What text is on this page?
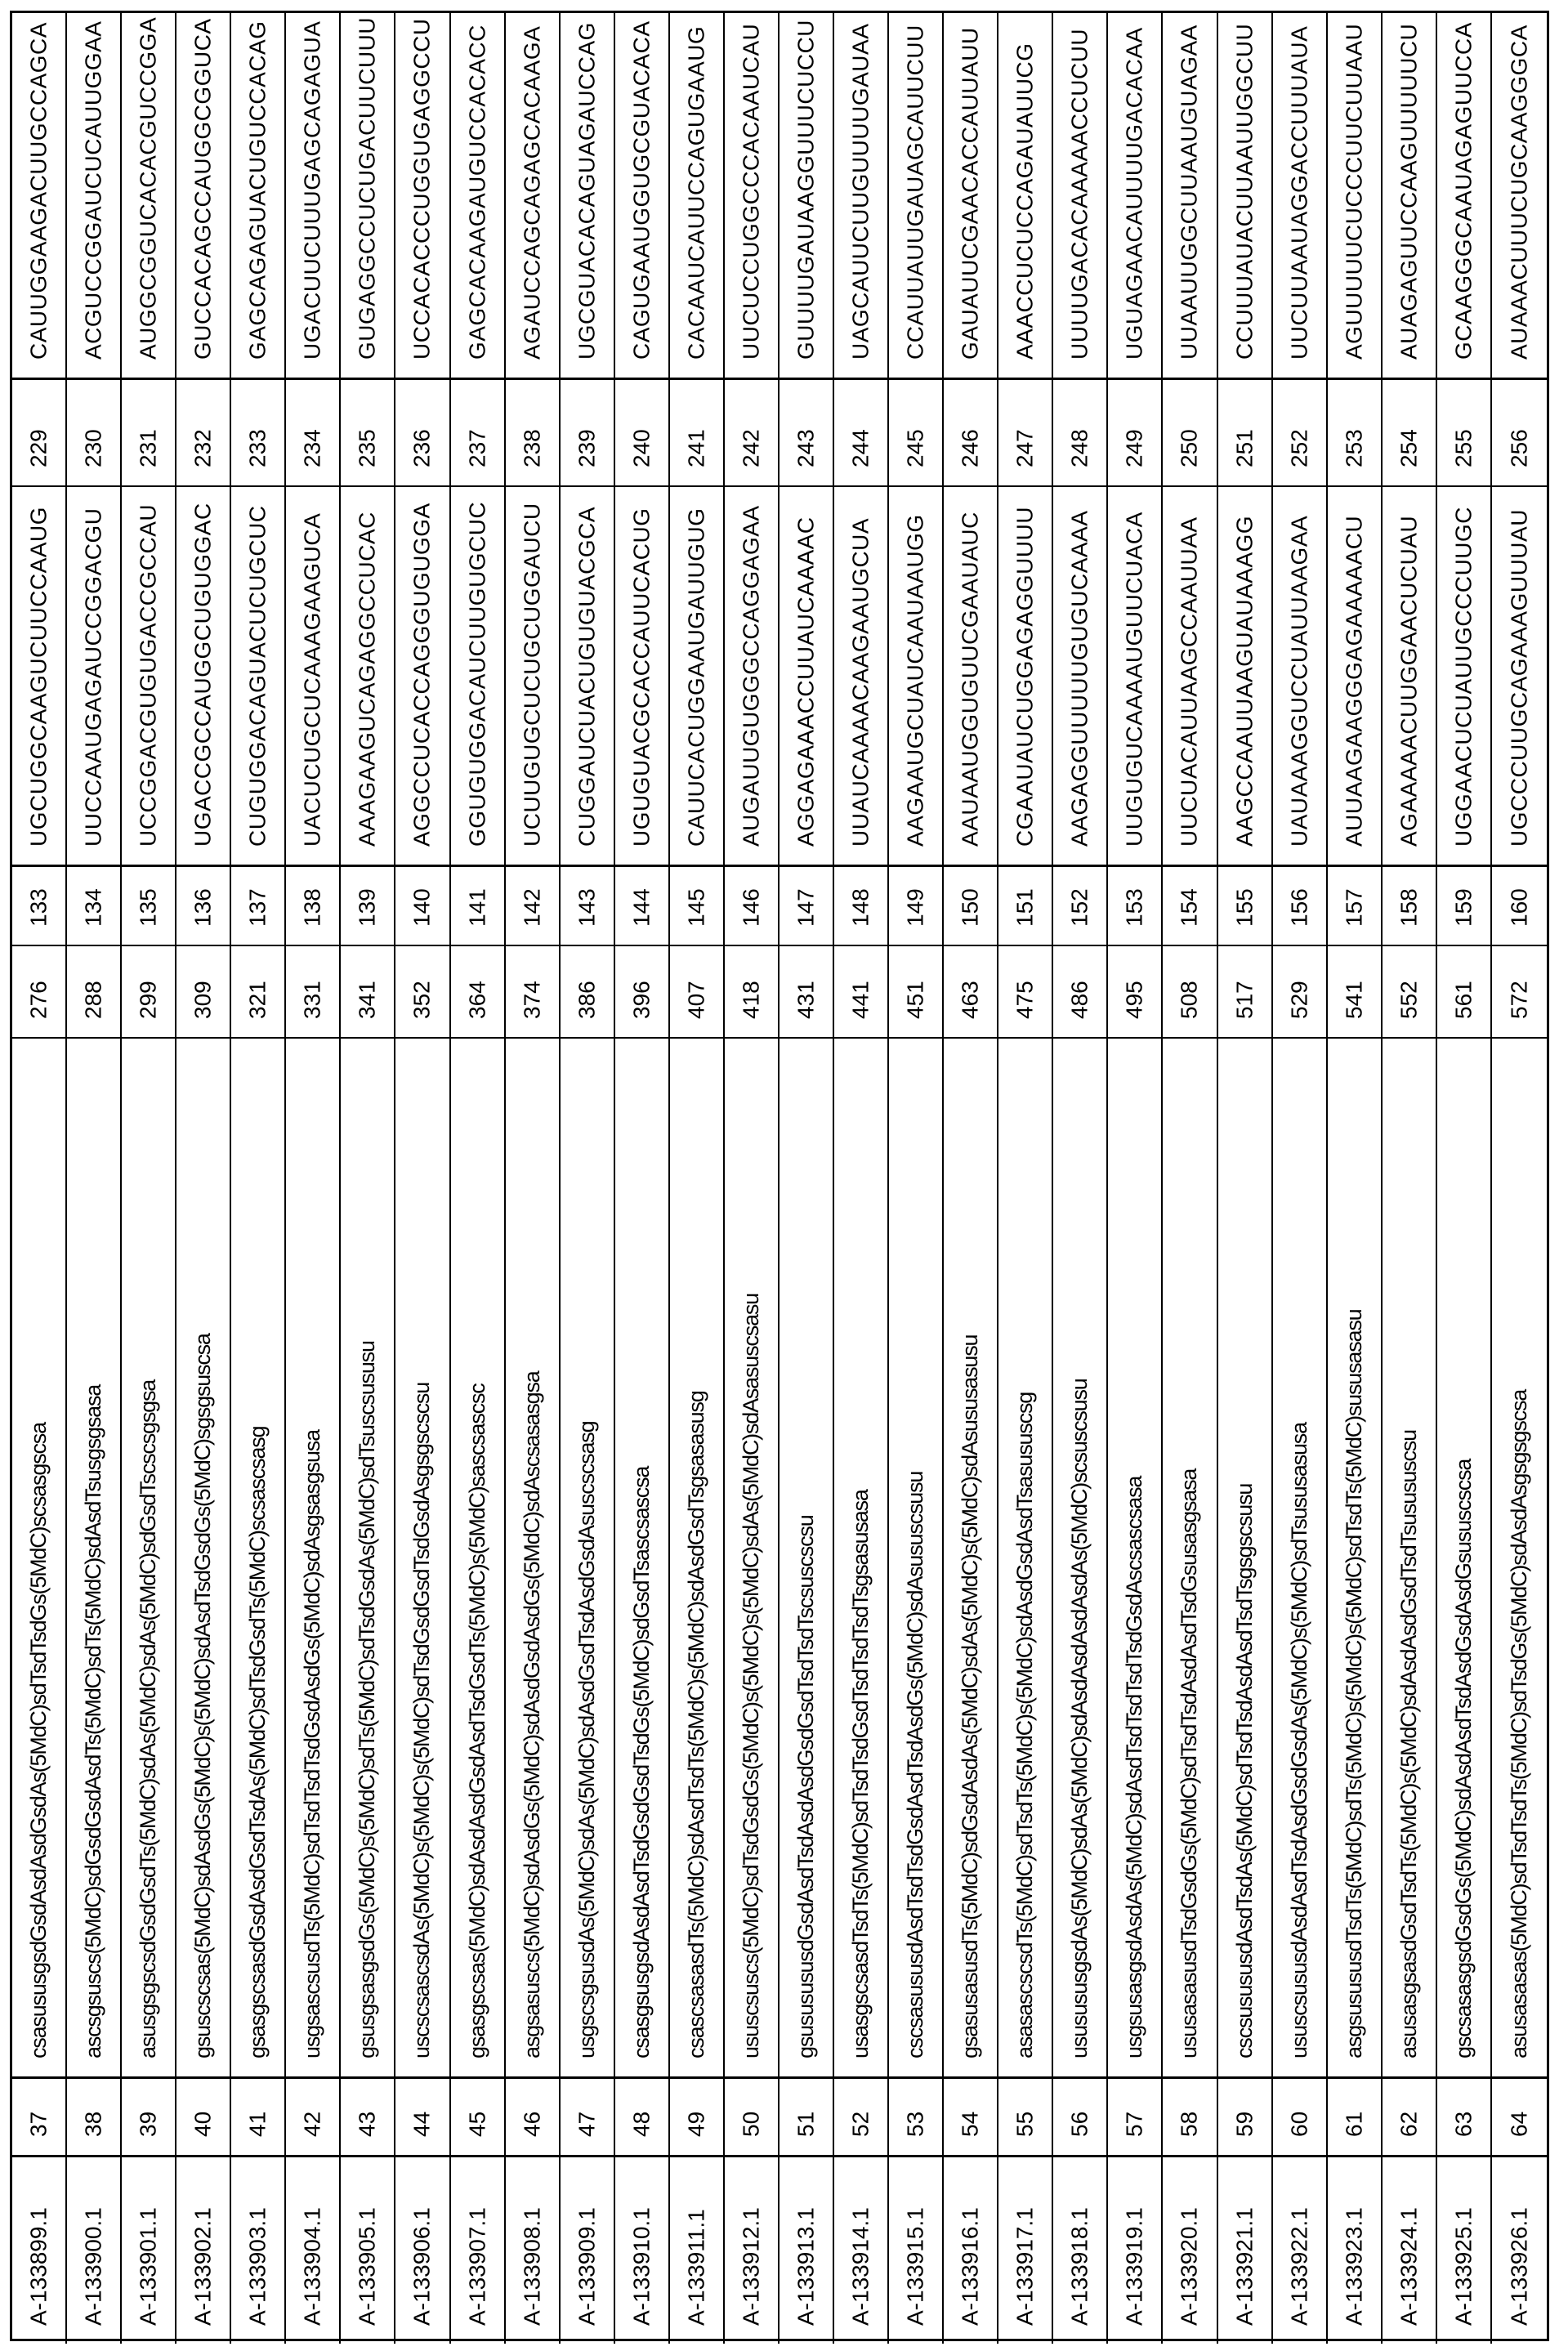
CAUUGGAAGACUUGCCAGCA
229
UGCUGGCAAGUCUUCCAAUG
133
276
csasususgsdGsdAsdAsdGsdAs(5MdC)sdTsdTsdGs(5MdC)scsasgscsa
37
A-133899.1
ACGUCCGGAUCUCAUUGGAA
230
UUCCAAUGAGAUCCGGACGU
134
288
ascsgsuscs(5MdC)sdGsdGsdAsdTs(5MdC)sdTs(5MdC)sdAsdTsusgsgsasa
38
A-133900.1
AUGGCGGUCACACGUCCGGA
231
UCCGGACGUGUGACCGCCAU
135
299
asusgsgscsdGsdGsdTs(5MdC)sdAs(5MdC)sdAs(5MdC)sdGsdTscscsgsgsa
39
A-133901.1
GUCCACAGCCAUGGCGGUCA
232
UGACCGCCAUGGCUGUGGAC
136
309
gsuscscsas(5MdC)sdAsdGs(5MdC)s(5MdC)sdAsdTsdGsdGs(5MdC)sgsgsuscsa
40
A-133902.1
GAGCAGAGUACUGUCCACAG
233
CUGUGGACAGUACUCUGCUC
137
321
gsasgscsasdGsdAsdGsdTsdAs(5MdC)sdTsdGsdTs(5MdC)scsascsasg
41
A-133903.1
UGACUUCUUUGAGCAGAGUA
234
UACUCUGCUCAAAGAAGUCA
138
331
usgsascsusdTs(5MdC)sdTsdTsdTsdGsdAsdGs(5MdC)sdAsgsasgsusa
42
A-133904.1
GUGAGGCCUCUGACUUCUUU
235
AAAGAAGUCAGAGGCCUCAC
139
341
gsusgsasgsdGs(5MdC)s(5MdC)sdTs(5MdC)sdTsdGsdAs(5MdC)sdTsuscsususu
43
A-133905.1
UCCACACCCUGGUGAGGCCU
236
AGGCCUCACCAGGGUGUGGA
140
352
uscscsascsdAs(5MdC)s(5MdC)s(5MdC)sdTsdGsdGsdTsdGsdAsgsgscscsu
44
A-133906.1
GAGCACAAGAUGUCCACACC
237
GGUGUGGACAUCUUGUGCUC
141
364
gsasgscsas(5MdC)sdAsdAsdGsdAsdTsdGsdTs(5MdC)s(5MdC)sascsascsc
45
A-133907.1
AGAUCCAGCAGAGCACAAGA
238
UCUUGUGCUCUGCUGGAUCU
142
374
asgsasuscs(5MdC)sdAsdGs(5MdC)sdAsdGsdAsdGs(5MdC)sdAscsasasgsa
46
A-133908.1
UGCGUACACAGUAGAUCCAG
239
CUGGAUCUACUGUGUACGCA
143
386
usgscsgsusdAs(5MdC)sdAs(5MdC)sdAsdGsdTsdAsdGsdAsuscscsasg
47
A-133909.1
CAGUGAAUGGUGCGUACACA
240
UGUGUACGCACCAUUCACUG
144
396
csasgsusgsdAsdAsdTsdGsdGsdTsdGs(5MdC)sdGsdTsascsascsa
48
A-133910.1
CACAAUCAUUCCAGUGAAUG
241
CAUUCACUGGAAUGAUUGUG
145
407
csascsasasdTs(5MdC)sdAsdTsdTs(5MdC)s(5MdC)sdAsdGsdTsgsasasusg
49
A-133911.1
UUCUCCUGGCCCACAAUCAU
242
AUGAUUGUGGGCCAGGAGAA
146
418
ususcsuscs(5MdC)sdTsdGsdGs(5MdC)s(5MdC)s(5MdC)sdAs(5MdC)sdAsasuscsasu
50
A-133912.1
GUUUUGAUAAGGUUUCUCCU
243
AGGAGAAACCUUAUCAAAAC
147
431
gsususususdGsdAsdTsdAsdAsdGsdGsdTsdTsdTscsuscscsu
51
A-133913.1
UAGCAUUCUUGUUUUGAUAA
244
UUAUCAAAACAAGAAUGCUA
148
441
usasgscsasdTsdTs(5MdC)sdTsdTsdGsdTsdTsdTsdTsgsasusasa
52
A-133914.1
CCAUUAUUGAUAGCAUUCUU
245
AAGAAUGCUAUCAAUAAUGG
149
451
cscsasususdAsdTsdTsdGsdAsdTsdAsdGs(5MdC)sdAsususcsusu
53
A-133915.1
GAUAUUCGAACACCAUUAUU
246
AAUAAUGGUGUUCGAAUAUC
150
463
gsasusasusdTs(5MdC)sdGsdAsdAs(5MdC)sdAs(5MdC)s(5MdC)sdAsususasusu
54
A-133916.1
AAACCUCUCCAGAUAUUCG
247
CGAAUAUCUGGAGAGGUUUU
151
475
asasascscsdTs(5MdC)sdTsdTs(5MdC)s(5MdC)sdAsdGsdAsdTsasususcsg
55
A-133917.1
UUUUGACACAAAAACCUCUU
248
AAGAGGUUUUUGUGUCAAAA
152
486
ususususgsdAs(5MdC)sdAs(5MdC)sdAsdAsdAsdAsdAs(5MdC)scsuscsusu
56
A-133918.1
UGUAGAACAUUUUGACACAA
249
UUGUGUCAAAAUGUUCUACA
153
495
usgsusasgsdAsdAs(5MdC)sdAsdTsdTsdTsdTsdGsdAscsascsasa
57
A-133919.1
UUAAUUGGCUUAAUGUAGAA
250
UUCUACAUUAAGCCAAUUAA
154
508
ususasasusdTsdGsdGs(5MdC)sdTsdTsdAsdAsdTsdGsusasgsasa
58
A-133920.1
CCUUUAUACUUAAUUGGCUU
251
AAGCCAAUUAAGUAUAAAGG
155
517
cscsusususdAsdTsdAs(5MdC)sdTsdTsdAsdAsdTsdTsgsgscsusu
59
A-133921.1
UUCUUAAUAGGACCUUUAUA
252
UAUAAAGGUCCUAUUAAGAA
156
529
ususcsususdAsdAsdTsdAsdGsdGsdAs(5MdC)s(5MdC)sdTsususasusa
60
A-133922.1
AGUUUUUCUCCCUUCUUAAU
253
AUUAAGAAGGGAGAAAAACU
157
541
asgsusususdTsdTs(5MdC)sdTs(5MdC)s(5MdC)s(5MdC)sdTsdTs(5MdC)sususasasu
61
A-133923.1
AUAGAGUUCCAAGUUUUUCU
254
AGAAAAACUUGGAACUCUAU
158
552
asusasgsasdGsdTsdTs(5MdC)s(5MdC)sdAsdAsdGsdTsdTsusususcsu
62
A-133924.1
GCAAGGGCAAUAGAGUUCCA
255
UGGAACUCUAUUGCCCUUGC
159
561
gscsasasgsdGsdGs(5MdC)sdAsdAsdTsdAsdGsdAsdGsususcscsa
63
A-133925.1
AUAAACUUUCUGCAAGGGCA
256
UGCCCUUGCAGAAAGUUUAU
160
572
asusasasas(5MdC)sdTsdTsdTs(5MdC)sdTsdGs(5MdC)sdAsdAsgsgsgscsa
64
A-133926.1
